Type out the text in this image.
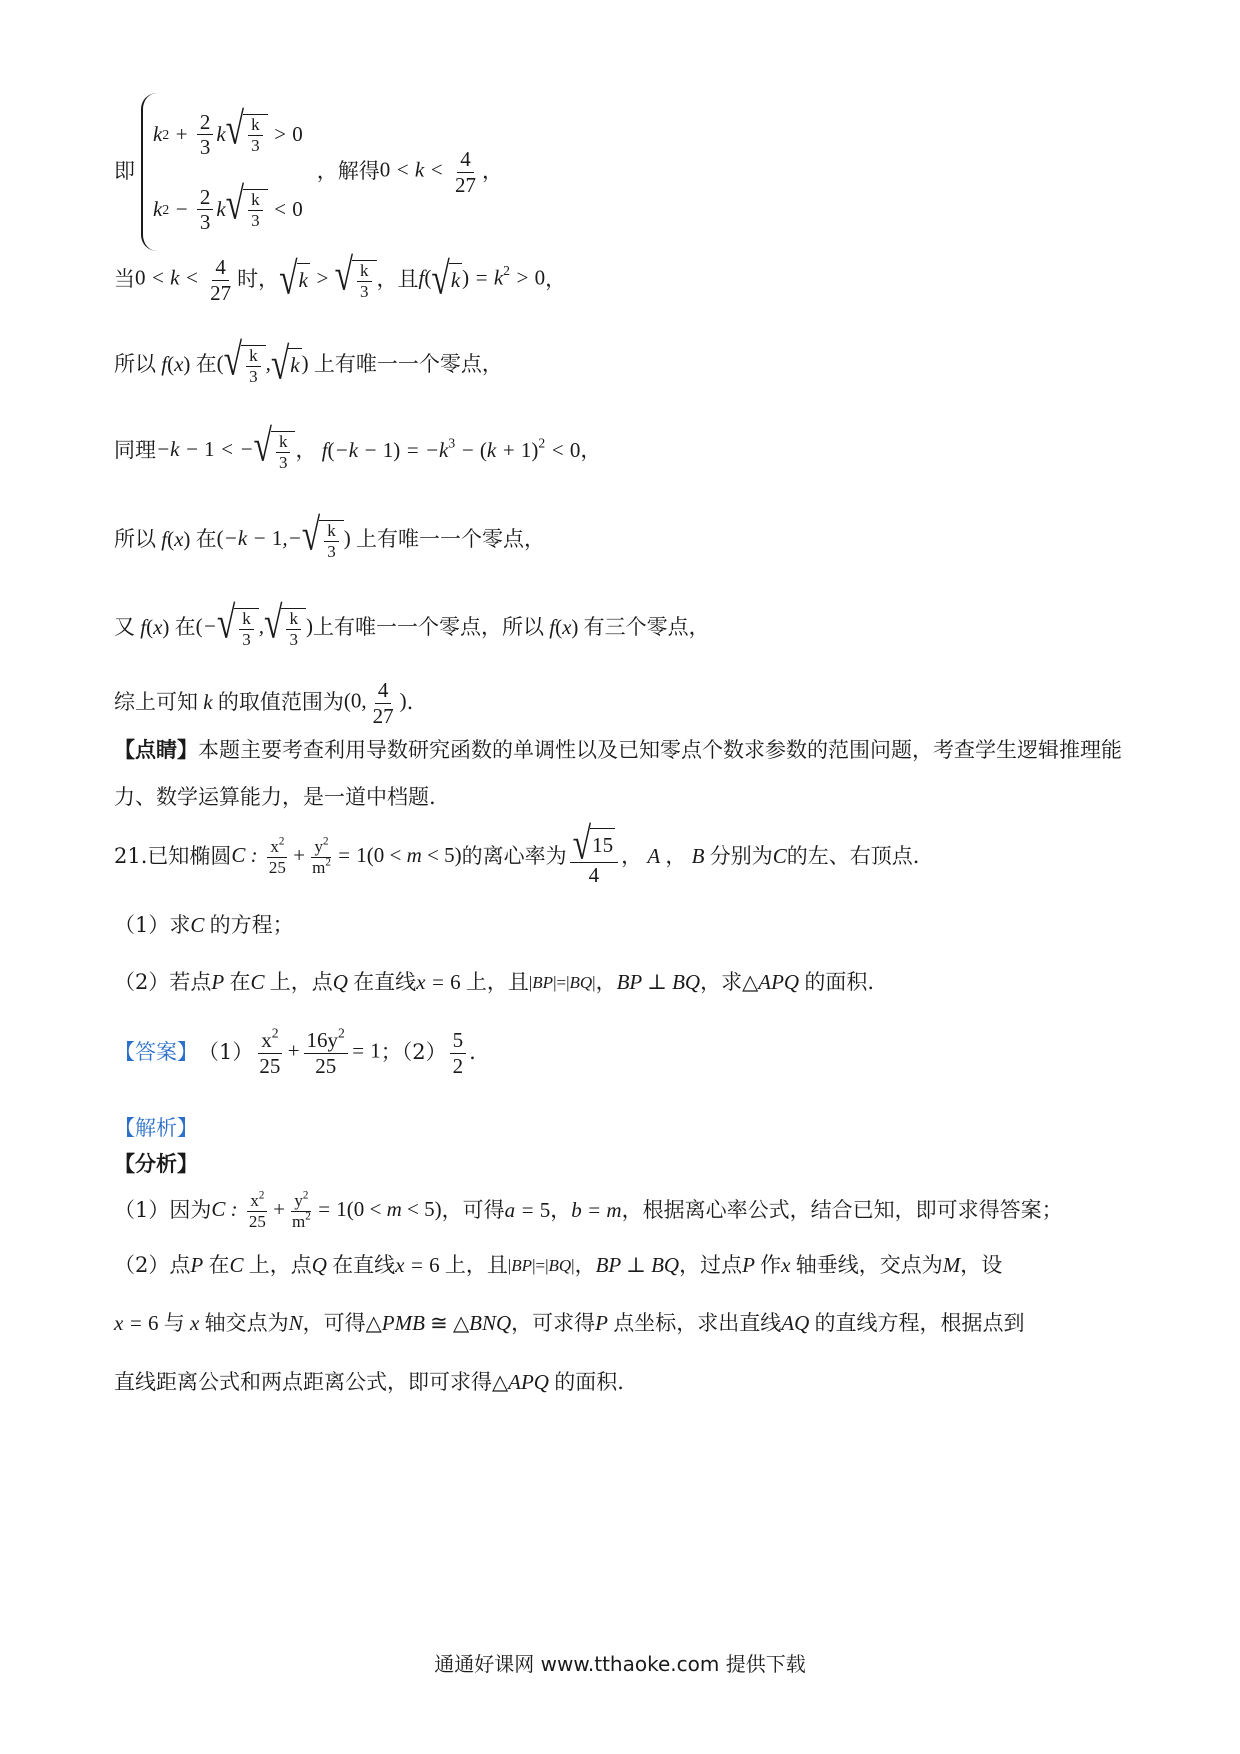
即
k $2 + \frac{2}{3}$ k √ $\frac{k}{3} > 0$
k $2 - \frac{2}{3}$ k √ $\frac{k}{3} < 0$
，解得 $0 < k < \frac{4}{27}$ ，
当 $0 < k < \frac{4}{27}$ 时， √ k > √ $\frac{k}{3}$ ，且 f( √ k ) = $k^2 > 0$ ，
所以 f(x) 在 ( √ $\frac{k}{3}$ , √ k ) 上有唯一一个零点，
同理 −k − 1 < − √ $\frac{k}{3}$ ， $f(-k - 1) = -k^3 - (k + 1)^2 < 0$ ，
所以 f(x) 在 (−k − 1,− √ $\frac{k}{3}$ ) 上有唯一一个零点，
又 f(x) 在 (− √ $\frac{k}{3}$ , √ $\frac{k}{3}$ ) 上有唯一一个零点，所以 f(x) 有三个零点，
综上可知 k 的取值范围为 (0, $\frac{4}{27}$ ) .
【点睛】本题主要考查利用导数研究函数的单调性以及已知零点个数求参数的范围问题，考查学生逻辑推理能力、数学运算能力，是一道中档题.
21.已知椭圆 C : $\frac{x^2}{25} + \frac{y^2}{m^2} = 1(0 < m < 5)$ 的离心率为 $\frac{√ 15}{4}$ ， A ， B 分别为 C 的左、右顶点.
（1）求 C 的方程；
（2）若点 P 在 C 上，点 Q 在直线 x = 6 上，且 |BP|=|BQ| ， BP ⊥ BQ ，求 △APQ 的面积.
【答案】 $(1) \frac{x^2}{25} + \frac{16y^2}{25} = 1$ ；$(2) \frac{5}{2}$ .
【解析】
【分析】
（1）因为 C : $\frac{x^2}{25} + \frac{y^2}{m^2} = 1(0 < m < 5)$ ，可得 a = 5 ， b = m ，根据离心率公式，结合已知，即可求得答案；
（2）点 P 在 C 上，点 Q 在直线 x = 6 上，且 |BP|=|BQ| ， BP ⊥ BQ ，过点 P 作 x 轴垂线，交点为 M ，设
x = 6 与 x 轴交点为 N ，可得 △PMB ≅ △BNQ ，可求得 P 点坐标，求出直线 AQ 的直线方程，根据点到
直线距离公式和两点距离公式，即可求得 △APQ 的面积.
通通好课网 www.tthaoke.com 提供下载
